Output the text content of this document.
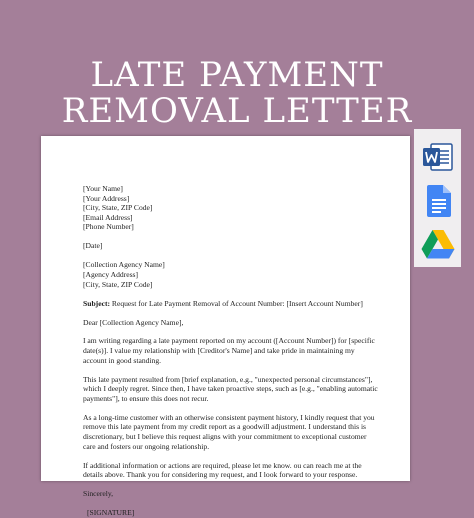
LATE PAYMENT
REMOVAL LETTER
[Your Name]
[Your Address]
[City, State, ZIP Code]
[Email Address]
[Phone Number]
[Date]
[Collection Agency Name]
[Agency Address]
[City, State, ZIP Code]
Subject: Request for Late Payment Removal of Account Number: [Insert Account Number]
Dear [Collection Agency Name],
I am writing regarding a late payment reported on my account ([Account Number]) for [specific
date(s)]. I value my relationship with [Creditor's Name] and take pride in maintaining my
account in good standing.
This late payment resulted from [brief explanation, e.g., "unexpected personal circumstances"],
which I deeply regret. Since then, I have taken proactive steps, such as [e.g., "enabling automatic
payments"], to ensure this does not recur.
As a long-time customer with an otherwise consistent payment history, I kindly request that you
remove this late payment from my credit report as a goodwill adjustment. I understand this is
discretionary, but I believe this request aligns with your commitment to exceptional customer
care and fosters our ongoing relationship.
If additional information or actions are required, please let me know. ou can reach me at the
details above. Thank you for considering my request, and I look forward to your response.
Sincerely,
[SIGNATURE]
